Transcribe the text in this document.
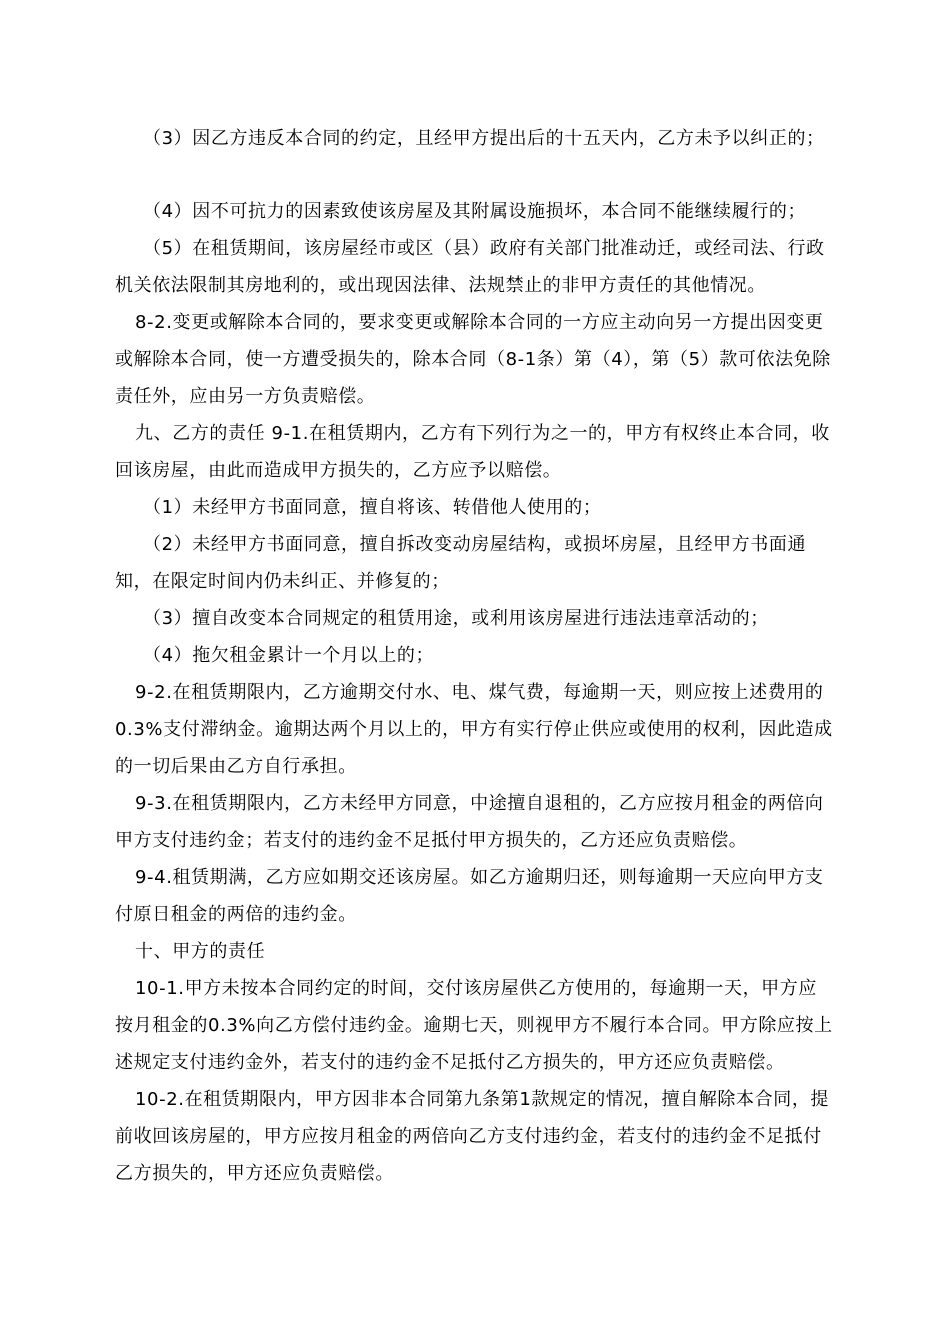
（3）因乙方违反本合同的约定，且经甲方提出后的十五天内，乙方未予以纠正的；

（4）因不可抗力的因素致使该房屋及其附属设施损坏，本合同不能继续履行的；

（5）在租赁期间，该房屋经市或区（县）政府有关部门批准动迁，或经司法、行政机关依法限制其房地利的，或出现因法律、法规禁止的非甲方责任的其他情况。

8-2.变更或解除本合同的，要求变更或解除本合同的一方应主动向另一方提出因变更或解除本合同，使一方遭受损失的，除本合同（8-1条）第（4），第（5）款可依法免除责任外，应由另一方负责赔偿。

九、乙方的责任 9-1.在租赁期内，乙方有下列行为之一的，甲方有权终止本合同，收回该房屋，由此而造成甲方损失的，乙方应予以赔偿。

（1）未经甲方书面同意，擅自将该、转借他人使用的；

（2）未经甲方书面同意，擅自拆改变动房屋结构，或损坏房屋，且经甲方书面通知，在限定时间内仍未纠正、并修复的；

（3）擅自改变本合同规定的租赁用途，或利用该房屋进行违法违章活动的；

（4）拖欠租金累计一个月以上的；

9-2.在租赁期限内，乙方逾期交付水、电、煤气费，每逾期一天，则应按上述费用的0.3%支付滞纳金。逾期达两个月以上的，甲方有实行停止供应或使用的权利，因此造成的一切后果由乙方自行承担。

9-3.在租赁期限内，乙方未经甲方同意，中途擅自退租的，乙方应按月租金的两倍向甲方支付违约金；若支付的违约金不足抵付甲方损失的，乙方还应负责赔偿。

9-4.租赁期满，乙方应如期交还该房屋。如乙方逾期归还，则每逾期一天应向甲方支付原日租金的两倍的违约金。

十、甲方的责任

10-1.甲方未按本合同约定的时间，交付该房屋供乙方使用的，每逾期一天，甲方应按月租金的0.3%向乙方偿付违约金。逾期七天，则视甲方不履行本合同。甲方除应按上述规定支付违约金外，若支付的违约金不足抵付乙方损失的，甲方还应负责赔偿。

10-2.在租赁期限内，甲方因非本合同第九条第1款规定的情况，擅自解除本合同，提前收回该房屋的，甲方应按月租金的两倍向乙方支付违约金，若支付的违约金不足抵付乙方损失的，甲方还应负责赔偿。
